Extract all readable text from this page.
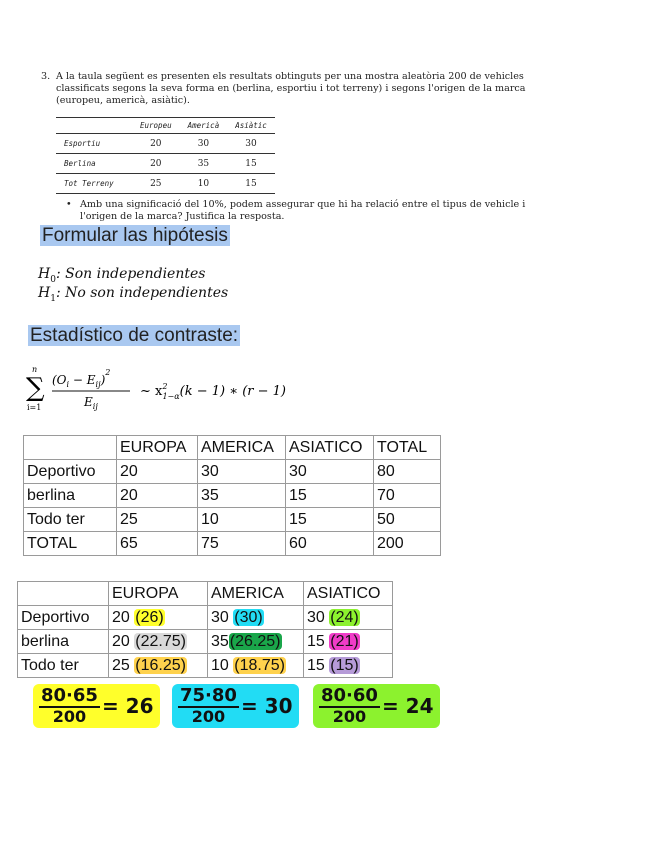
3. A la taula següent es presenten els resultats obtinguts per una mostra aleatòria 200 de vehicles classificats segons la seva forma en (berlina, esportiu i tot terreny) i segons l'origen de la marca (europeu, americà, asiàtic).
	Europeu	Americà	Asiàtic
Esportiu	20	30	30
Berlina	20	35	15
Tot Terreny	25	10	15
• Amb una significació del 10%, podem assegurar que hi ha relació entre el tipus de vehicle i l'origen de la marca? Justifica la resposta.
Formular las hipótesis
$H_0$: Son independientes
$H_1$: No son independientes
Estadístico de contraste:
n
∑
i=1
$(O_i - E_{ij})^2$
$E_{ij}$
~ $x^2$ 1−α(k − 1) ∗ (r − 1)
	EUROPA	AMERICA	ASIATICO	TOTAL
Deportivo	20	30	30	80
berlina	20	35	15	70
Todo ter	25	10	15	50
TOTAL	65	75	60	200
	EUROPA	AMERICA	ASIATICO
Deportivo	20 (26)	30 (30)	30 (24)
berlina	20 (22.75)	35(26.25)	15 (21)
Todo ter	25 (16.25)	10 (18.75)	15 (15)
$\frac{80\cdot 65}{200} = 26$	$\frac{75\cdot 80}{200} = 30$	$\frac{80\cdot 60}{200} = 24$
